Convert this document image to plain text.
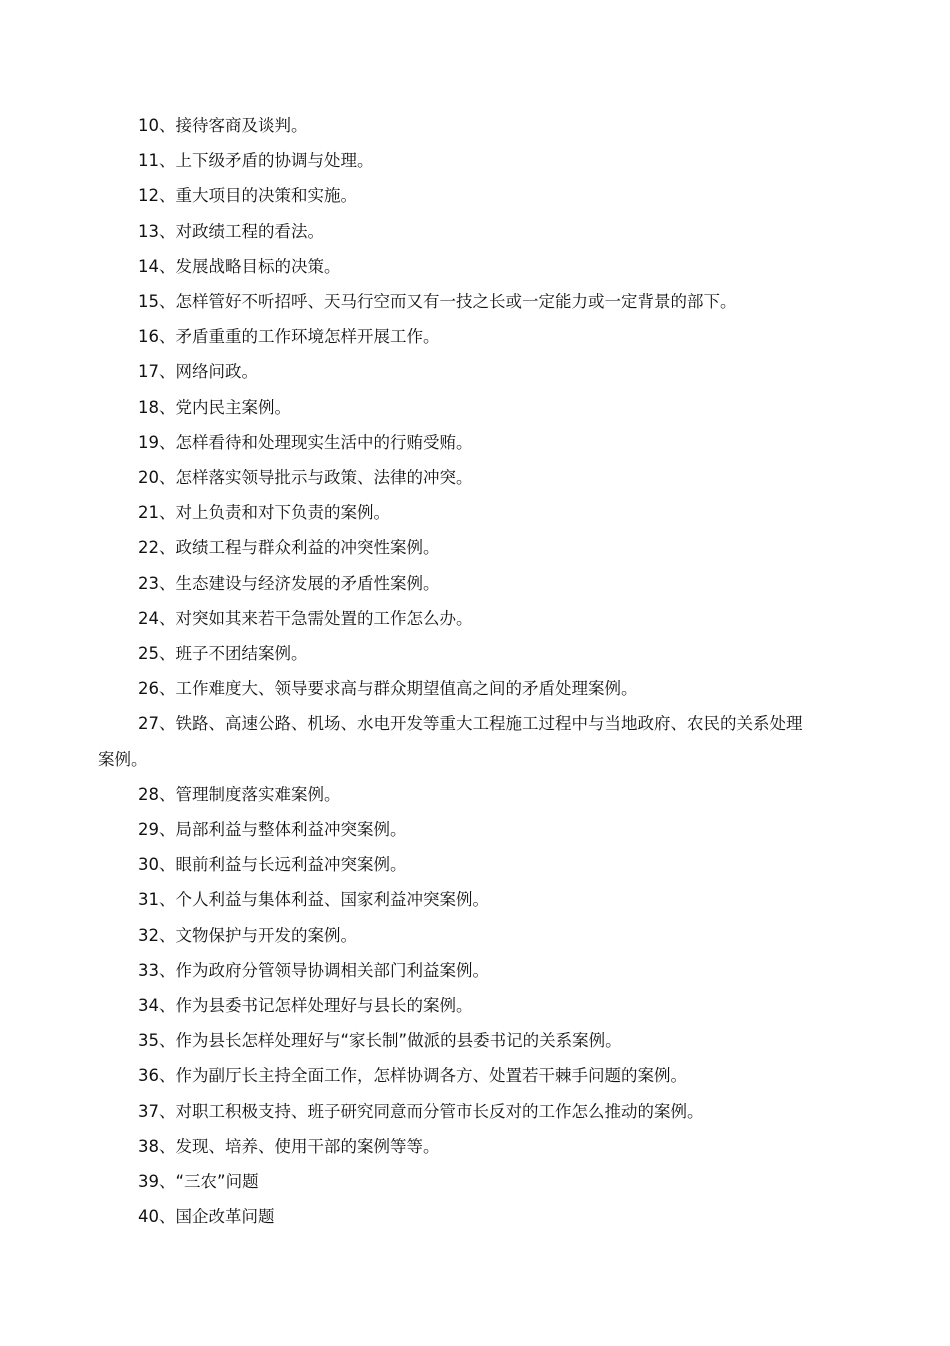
10、接待客商及谈判。

11、上下级矛盾的协调与处理。

12、重大项目的决策和实施。

13、对政绩工程的看法。

14、发展战略目标的决策。

15、怎样管好不听招呼、天马行空而又有一技之长或一定能力或一定背景的部下。

16、矛盾重重的工作环境怎样开展工作。

17、网络问政。

18、党内民主案例。

19、怎样看待和处理现实生活中的行贿受贿。

20、怎样落实领导批示与政策、法律的冲突。

21、对上负责和对下负责的案例。

22、政绩工程与群众利益的冲突性案例。

23、生态建设与经济发展的矛盾性案例。

24、对突如其来若干急需处置的工作怎么办。

25、班子不团结案例。

26、工作难度大、领导要求高与群众期望值高之间的矛盾处理案例。

27、铁路、高速公路、机场、水电开发等重大工程施工过程中与当地政府、农民的关系处理案例。

28、管理制度落实难案例。

29、局部利益与整体利益冲突案例。

30、眼前利益与长远利益冲突案例。

31、个人利益与集体利益、国家利益冲突案例。

32、文物保护与开发的案例。

33、作为政府分管领导协调相关部门利益案例。

34、作为县委书记怎样处理好与县长的案例。

35、作为县长怎样处理好与“家长制”做派的县委书记的关系案例。

36、作为副厅长主持全面工作，怎样协调各方、处置若干棘手问题的案例。

37、对职工积极支持、班子研究同意而分管市长反对的工作怎么推动的案例。

38、发现、培养、使用干部的案例等等。

39、“三农”问题

40、国企改革问题
